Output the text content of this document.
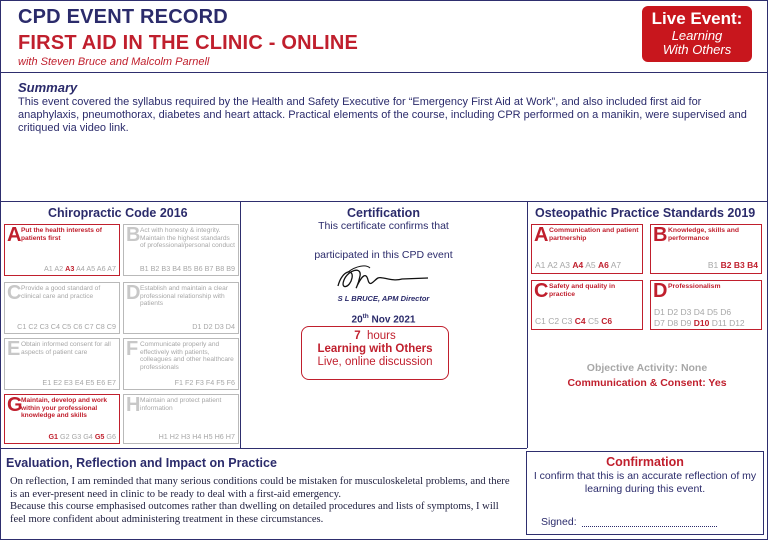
CPD EVENT RECORD
FIRST AID IN THE CLINIC - ONLINE
with Steven Bruce and Malcolm Parnell
Live Event:
Learning
With Others
Summary
This event covered the syllabus required by the Health and Safety Executive for “Emergency First Aid at Work”, and also included first aid for anaphylaxis, pneumothorax, diabetes and heart attack. Practical elements of the course, including CPR performed on a manikin, were supervised and critiqued via video link.
Chiropractic Code 2016
A Put the health interests of patients first
A1 A2 A3 A4 A5 A6 A7
B Act with honesty & integrity. Maintain the highest standards of professional/personal conduct
B1 B2 B3 B4 B5 B6 B7 B8 B9
C Provide a good standard of clinical care and practice
C1 C2 C3 C4 C5 C6 C7 C8 C9
D Establish and maintain a clear professional relationship with patients
D1 D2 D3 D4
E Obtain informed consent for all aspects of patient care
E1 E2 E3 E4 E5 E6 E7
F Communicate properly and effectively with patients, colleagues and other healthcare professionals
F1 F2 F3 F4 F5 F6
G
Maintain, develop and work within your professional knowledge and skills
G1 G2 G3 G4 G5 G6
H Maintain and protect patient information
H1 H2 H3 H4 H5 H6 H7
Certification
This certificate confirms that
participated in this CPD event
S L BRUCE, APM Director
20th Nov 2021
7 hours
Learning with Others
Live, online discussion
Osteopathic Practice Standards 2019
A Communication and patient partnership
A1 A2 A3 A4 A5 A6 A7
B Knowledge, skills and performance
B1 B2 B3 B4
C Safety and quality in practice
C1 C2 C3 C4 C5 C6
D Professionalism
D1 D2 D3 D4 D5 D6
D7 D8 D9 D10 D11 D12
Objective Activity: None
Communication & Consent: Yes
Evaluation, Reflection and Impact on Practice
On reflection, I am reminded that many serious conditions could be mistaken for musculoskeletal problems, and there is an ever-present need in clinic to be ready to deal with a first-aid emergency.
Because this course emphasised outcomes rather than dwelling on detailed procedures and lists of symptoms, I will feel more confident about administering treatment in these circumstances.
Confirmation
I confirm that this is an accurate reflection of my learning during this event.
Signed:
